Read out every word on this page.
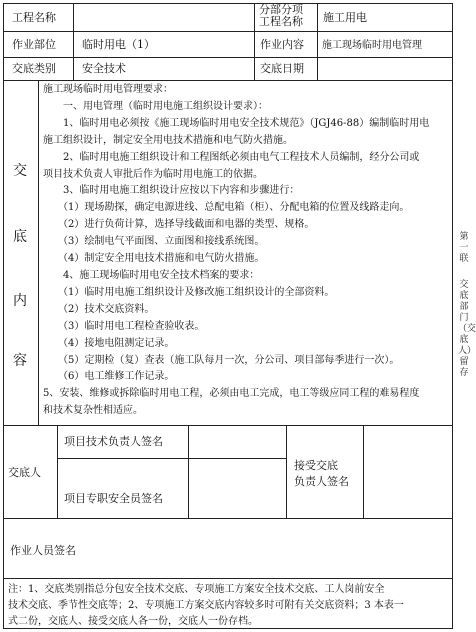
工程名称
分部分项
工程名称 施工用电
作业部位 临时用电（1）	作业内容 施工现场临时用电管理
交底类别 安全技术	交底日期
交
底
内
容
施工现场临时用电管理要求：
　　一、用电管理（临时用电施工组织设计要求）：
　　1、临时用电必须按《施工现场临时用电安全技术规范》（JGJ46-88）编制临时用电
施工组织设计，制定安全用电技术措施和电气防火措施。
　　2、临时用电施工组织设计和工程图纸必须由电气工程技术人员编制，经分公司或
项目技术负责人审批后作为临时用电施工的依据。
　　3、临时用电施工组织设计应按以下内容和步骤进行：
　　（1）现场勘探，确定电源进线、总配电箱（柜）、分配电箱的位置及线路走向。
　　（2）进行负荷计算，选择导线截面和电器的类型、规格。
　　（3）绘制电气平面图、立面图和接线系统图。
　　（4）制定安全用电技术措施和电气防火措施。
　　4、施工现场临时用电安全技术档案的要求：
　　（1）临时用电施工组织设计及修改施工组织设计的全部资料。
　　（2）技术交底资料。
　　（3）临时用电工程检查验收表。
　　（4）接地电阻测定记录。
　　（5）定期检（复）查表（施工队每月一次，分公司、项目部每季进行一次）。
　　（6）电工维修工作记录。
5、安装、维修或拆除临时用电工程，必须由电工完成，电工等级应同工程的难易程度
和技术复杂性相适应。
交底人
项目技术负责人签名
项目专职安全员签名
接受交底
负责人签名
作业人员签名
注：1、交底类别指总分包安全技术交底、专项施工方案安全技术交底、工人岗前安全
技术交底、季节性交底等；2、专项施工方案交底内容较多时可附有关交底资料；3 本表一
式二份，交底人、接受交底人各一份，交底人一份存档。
第一联
交底部门（交底人）留存
